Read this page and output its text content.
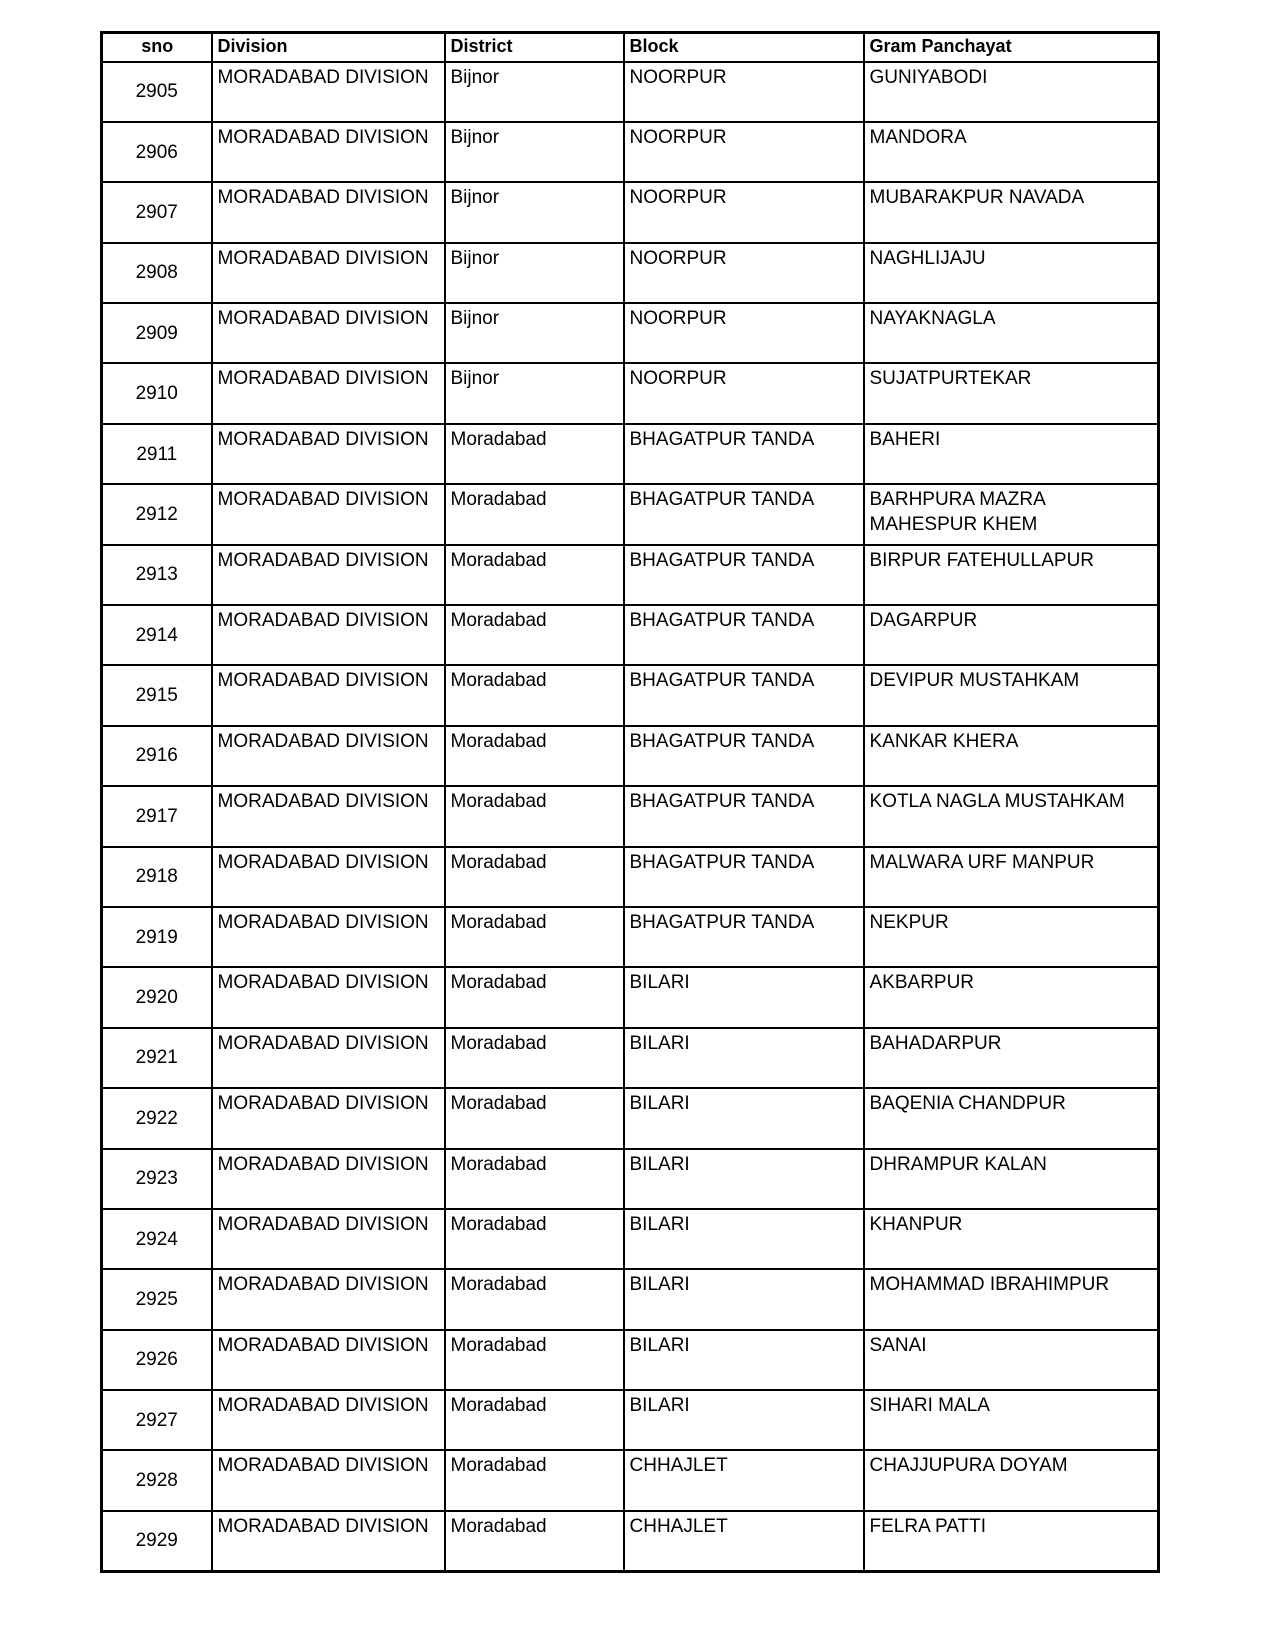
sno	Division	District	Block	Gram Panchayat
2905	MORADABAD DIVISION	Bijnor	NOORPUR	GUNIYABODI
2906	MORADABAD DIVISION	Bijnor	NOORPUR	MANDORA
2907	MORADABAD DIVISION	Bijnor	NOORPUR	MUBARAKPUR NAVADA
2908	MORADABAD DIVISION	Bijnor	NOORPUR	NAGHLIJAJU
2909	MORADABAD DIVISION	Bijnor	NOORPUR	NAYAKNAGLA
2910	MORADABAD DIVISION	Bijnor	NOORPUR	SUJATPURTEKAR
2911	MORADABAD DIVISION	Moradabad	BHAGATPUR TANDA	BAHERI
2912	MORADABAD DIVISION	Moradabad	BHAGATPUR TANDA	BARHPURA MAZRA MAHESPUR KHEM
2913	MORADABAD DIVISION	Moradabad	BHAGATPUR TANDA	BIRPUR FATEHULLAPUR
2914	MORADABAD DIVISION	Moradabad	BHAGATPUR TANDA	DAGARPUR
2915	MORADABAD DIVISION	Moradabad	BHAGATPUR TANDA	DEVIPUR MUSTAHKAM
2916	MORADABAD DIVISION	Moradabad	BHAGATPUR TANDA	KANKAR KHERA
2917	MORADABAD DIVISION	Moradabad	BHAGATPUR TANDA	KOTLA NAGLA MUSTAHKAM
2918	MORADABAD DIVISION	Moradabad	BHAGATPUR TANDA	MALWARA URF MANPUR
2919	MORADABAD DIVISION	Moradabad	BHAGATPUR TANDA	NEKPUR
2920	MORADABAD DIVISION	Moradabad	BILARI	AKBARPUR
2921	MORADABAD DIVISION	Moradabad	BILARI	BAHADARPUR
2922	MORADABAD DIVISION	Moradabad	BILARI	BAQENIA CHANDPUR
2923	MORADABAD DIVISION	Moradabad	BILARI	DHRAMPUR KALAN
2924	MORADABAD DIVISION	Moradabad	BILARI	KHANPUR
2925	MORADABAD DIVISION	Moradabad	BILARI	MOHAMMAD IBRAHIMPUR
2926	MORADABAD DIVISION	Moradabad	BILARI	SANAI
2927	MORADABAD DIVISION	Moradabad	BILARI	SIHARI MALA
2928	MORADABAD DIVISION	Moradabad	CHHAJLET	CHAJJUPURA DOYAM
2929	MORADABAD DIVISION	Moradabad	CHHAJLET	FELRA PATTI
